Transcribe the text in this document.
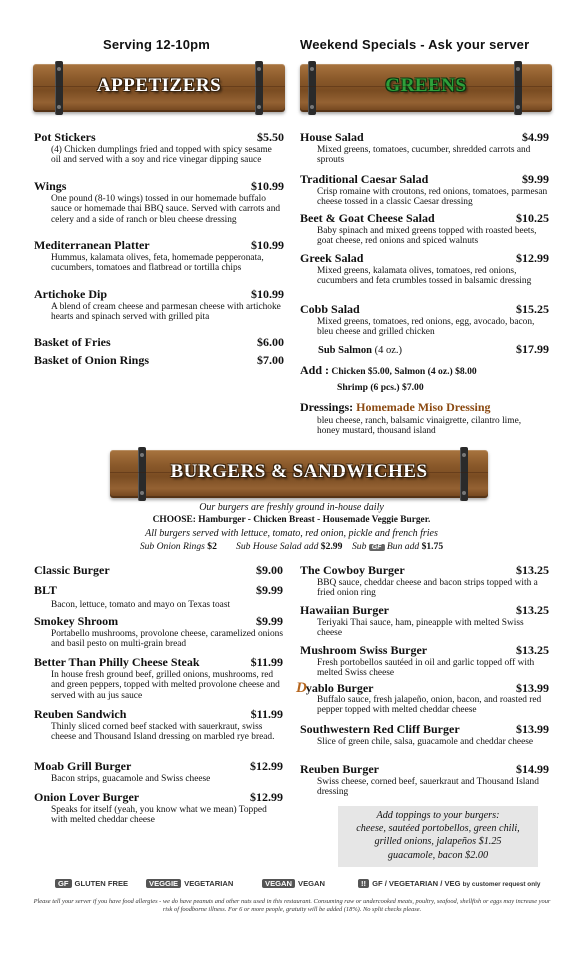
Serving 12-10pm	Weekend Specials - Ask your server
APPETIZERS	GREENS
Pot Stickers	$5.50
(4) Chicken dumplings fried and topped with spicy sesame oil and served with a soy and rice vinegar dipping sauce
Wings	$10.99
One pound (8-10 wings) tossed in our homemade buffalo sauce or homemade thai BBQ sauce. Served with carrots and celery and a side of ranch or bleu cheese dressing
Mediterranean Platter	$10.99
Hummus, kalamata olives, feta, homemade pepperonata, cucumbers, tomatoes and flatbread or tortilla chips
Artichoke Dip	$10.99
A blend of cream cheese and parmesan cheese with artichoke hearts and spinach served with grilled pita
Basket of Fries	$6.00
Basket of Onion Rings	$7.00
House Salad	$4.99
Mixed greens, tomatoes, cucumber, shredded carrots and sprouts
Traditional Caesar Salad	$9.99
Crisp romaine with croutons, red onions, tomatoes, parmesan cheese tossed in a classic Caesar dressing
Beet & Goat Cheese Salad	$10.25
Baby spinach and mixed greens topped with roasted beets, goat cheese, red onions and spiced walnuts
Greek Salad	$12.99
Mixed greens, kalamata olives, tomatoes, red onions, cucumbers and feta crumbles tossed in balsamic dressing
Cobb Salad	$15.25
Mixed greens, tomatoes, red onions, egg, avocado, bacon, bleu cheese and grilled chicken
Sub Salmon (4 oz.)	$17.99
Add : Chicken $5.00, Salmon (4 oz.) $8.00
Shrimp (6 pcs.) $7.00
Dressings: Homemade Miso Dressing
bleu cheese, ranch, balsamic vinaigrette, cilantro lime, honey mustard, thousand island
BURGERS & SANDWICHES
Our burgers are freshly ground in-house daily
CHOOSE: Hamburger - Chicken Breast - Housemade Veggie Burger.
All burgers served with lettuce, tomato, red onion, pickle and french fries
Sub Onion Rings $2 Sub House Salad add $2.99 Sub GF Bun add $1.75
Classic Burger	$9.00
BLT	$9.99
Bacon, lettuce, tomato and mayo on Texas toast
Smokey Shroom	$9.99
Portabello mushrooms, provolone cheese, caramelized onions and basil pesto on multi-grain bread
Better Than Philly Cheese Steak	$11.99
In house fresh ground beef, grilled onions, mushrooms, red and green peppers, topped with melted provolone cheese and served with au jus sauce
Reuben Sandwich	$11.99
Thinly sliced corned beef stacked with sauerkraut, swiss cheese and Thousand Island dressing on marbled rye bread.
Moab Grill Burger	$12.99
Bacon strips, guacamole and Swiss cheese
Onion Lover Burger	$12.99
Speaks for itself (yeah, you know what we mean) Topped with melted cheddar cheese
The Cowboy Burger	$13.25
BBQ sauce, cheddar cheese and bacon strips topped with a fried onion ring
Hawaiian Burger	$13.25
Teriyaki Thai sauce, ham, pineapple with melted Swiss cheese
Mushroom Swiss Burger	$13.25
Fresh portobellos sautéed in oil and garlic topped off with melted Swiss cheese
Dyablo Burger	$13.99
Buffalo sauce, fresh jalapeño, onion, bacon, and roasted red pepper topped with melted cheddar cheese
Southwestern Red Cliff Burger	$13.99
Slice of green chile, salsa, guacamole and cheddar cheese
Reuben Burger	$14.99
Swiss cheese, corned beef, sauerkraut and Thousand Island dressing
Add toppings to your burgers:
cheese, sautéed portobellos, green chili,
grilled onions, jalapeños $1.25
guacamole, bacon $2.00
GF GLUTEN FREE	VEGGIE VEGETARIAN	VEGAN VEGAN	!! GF / VEGETARIAN / VEG by customer request only
Please tell your server if you have food allergies - we do have peanuts and other nuts used in this restaurant. Consuming raw or undercooked meats, poultry, seafood, shellfish or eggs may increase your risk of foodborne illness. For 6 or more people, gratuity will be added (18%). No split checks please.
